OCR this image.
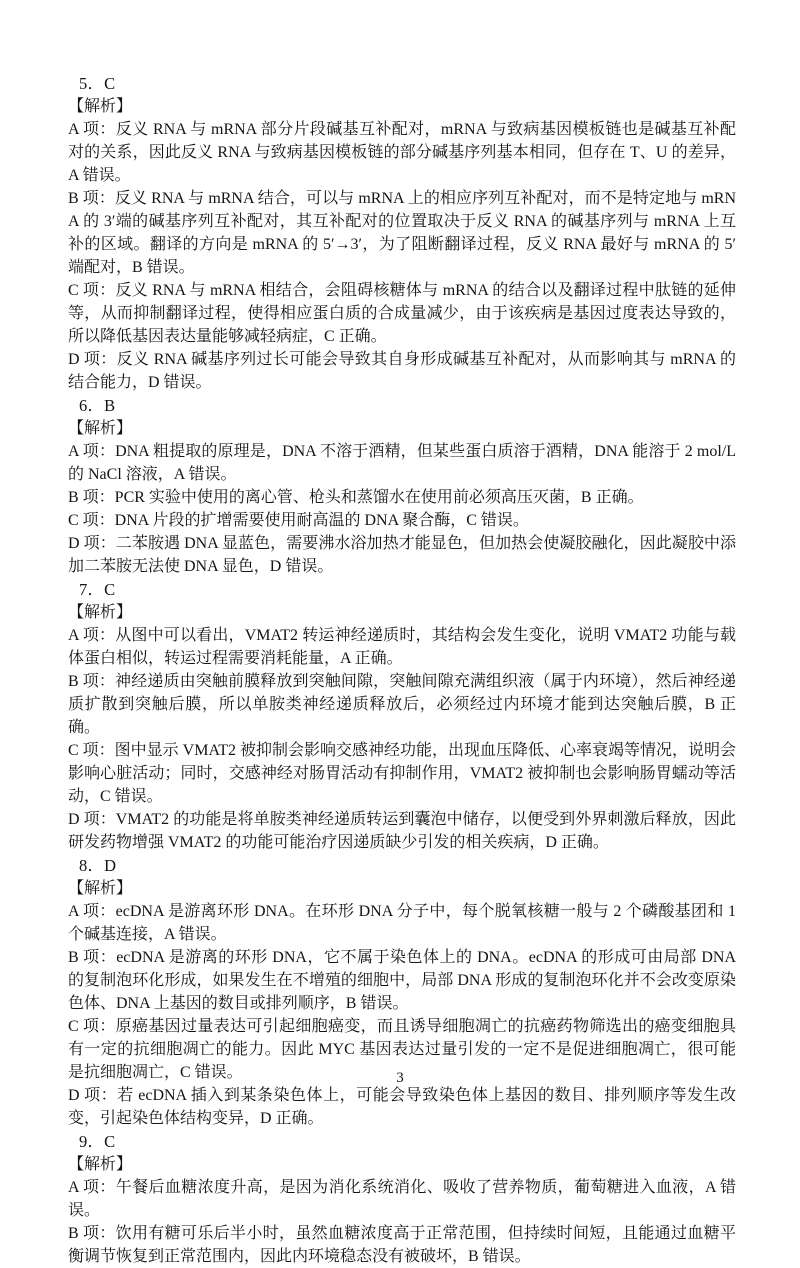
5．C

【解析】

A 项：反义 RNA 与 mRNA 部分片段碱基互补配对，mRNA 与致病基因模板链也是碱基互补配对的关系，因此反义 RNA 与致病基因模板链的部分碱基序列基本相同，但存在 T、U 的差异，A 错误。

B 项：反义 RNA 与 mRNA 结合，可以与 mRNA 上的相应序列互补配对，而不是特定地与 mRNA 的 3′端的碱基序列互补配对，其互补配对的位置取决于反义 RNA 的碱基序列与 mRNA 上互补的区域。翻译的方向是 mRNA 的 5′→3′，为了阻断翻译过程，反义 RNA 最好与 mRNA 的 5′端配对，B 错误。

C 项：反义 RNA 与 mRNA 相结合，会阻碍核糖体与 mRNA 的结合以及翻译过程中肽链的延伸等，从而抑制翻译过程，使得相应蛋白质的合成量减少，由于该疾病是基因过度表达导致的，所以降低基因表达量能够减轻病症，C 正确。

D 项：反义 RNA 碱基序列过长可能会导致其自身形成碱基互补配对，从而影响其与 mRNA 的结合能力，D 错误。

6．B

【解析】

A 项：DNA 粗提取的原理是，DNA 不溶于酒精，但某些蛋白质溶于酒精，DNA 能溶于 2 mol/L 的 NaCl 溶液，A 错误。

B 项：PCR 实验中使用的离心管、枪头和蒸馏水在使用前必须高压灭菌，B 正确。

C 项：DNA 片段的扩增需要使用耐高温的 DNA 聚合酶，C 错误。

D 项：二苯胺遇 DNA 显蓝色，需要沸水浴加热才能显色，但加热会使凝胶融化，因此凝胶中添加二苯胺无法使 DNA 显色，D 错误。

7．C

【解析】

A 项：从图中可以看出，VMAT2 转运神经递质时，其结构会发生变化，说明 VMAT2 功能与载体蛋白相似，转运过程需要消耗能量，A 正确。

B 项：神经递质由突触前膜释放到突触间隙，突触间隙充满组织液（属于内环境），然后神经递质扩散到突触后膜，所以单胺类神经递质释放后，必须经过内环境才能到达突触后膜，B 正确。

C 项：图中显示 VMAT2 被抑制会影响交感神经功能，出现血压降低、心率衰竭等情况，说明会影响心脏活动；同时，交感神经对肠胃活动有抑制作用，VMAT2 被抑制也会影响肠胃蠕动等活动，C 错误。

D 项：VMAT2 的功能是将单胺类神经递质转运到囊泡中储存，以便受到外界刺激后释放，因此研发药物增强 VMAT2 的功能可能治疗因递质缺少引发的相关疾病，D 正确。

8．D

【解析】

A 项：ecDNA 是游离环形 DNA。在环形 DNA 分子中，每个脱氧核糖一般与 2 个磷酸基团和 1 个碱基连接，A 错误。

B 项：ecDNA 是游离的环形 DNA，它不属于染色体上的 DNA。ecDNA 的形成可由局部 DNA 的复制泡环化形成，如果发生在不增殖的细胞中，局部 DNA 形成的复制泡环化并不会改变原染色体、DNA 上基因的数目或排列顺序，B 错误。

C 项：原癌基因过量表达可引起细胞癌变，而且诱导细胞凋亡的抗癌药物筛选出的癌变细胞具有一定的抗细胞凋亡的能力。因此 MYC 基因表达过量引发的一定不是促进细胞凋亡，很可能是抗细胞凋亡，C 错误。

D 项：若 ecDNA 插入到某条染色体上，可能会导致染色体上基因的数目、排列顺序等发生改变，引起染色体结构变异，D 正确。

9．C

【解析】

A 项：午餐后血糖浓度升高，是因为消化系统消化、吸收了营养物质，葡萄糖进入血液，A 错误。

B 项：饮用有糖可乐后半小时，虽然血糖浓度高于正常范围，但持续时间短，且能通过血糖平衡调节恢复到正常范围内，因此内环境稳态没有被破坏，B 错误。

3
